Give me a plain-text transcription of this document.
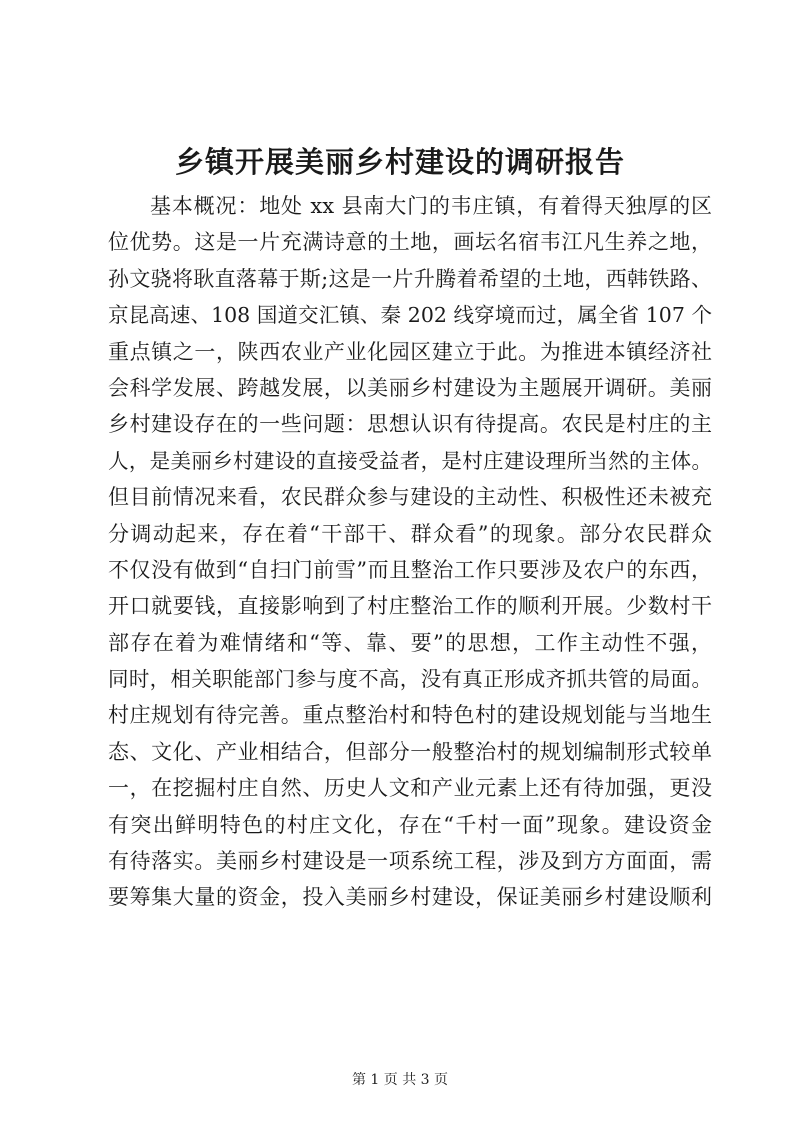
乡镇开展美丽乡村建设的调研报告
基本概况：地处 xx 县南大门的韦庄镇，有着得天独厚的区
位优势。这是一片充满诗意的土地，画坛名宿韦江凡生养之地，
孙文骁将耿直落幕于斯;这是一片升腾着希望的土地，西韩铁路、
京昆高速、108 国道交汇镇、秦 202 线穿境而过，属全省 107 个
重点镇之一，陕西农业产业化园区建立于此。为推进本镇经济社
会科学发展、跨越发展，以美丽乡村建设为主题展开调研。美丽
乡村建设存在的一些问题：思想认识有待提高。农民是村庄的主
人，是美丽乡村建设的直接受益者，是村庄建设理所当然的主体。
但目前情况来看，农民群众参与建设的主动性、积极性还未被充
分调动起来，存在着“干部干、群众看”的现象。部分农民群众
不仅没有做到“自扫门前雪”而且整治工作只要涉及农户的东西，
开口就要钱，直接影响到了村庄整治工作的顺利开展。少数村干
部存在着为难情绪和“等、靠、要”的思想，工作主动性不强，
同时，相关职能部门参与度不高，没有真正形成齐抓共管的局面。
村庄规划有待完善。重点整治村和特色村的建设规划能与当地生
态、文化、产业相结合，但部分一般整治村的规划编制形式较单
一，在挖掘村庄自然、历史人文和产业元素上还有待加强，更没
有突出鲜明特色的村庄文化，存在“千村一面”现象。建设资金
有待落实。美丽乡村建设是一项系统工程，涉及到方方面面，需
要筹集大量的资金，投入美丽乡村建设，保证美丽乡村建设顺利
第 1 页 共 3 页
